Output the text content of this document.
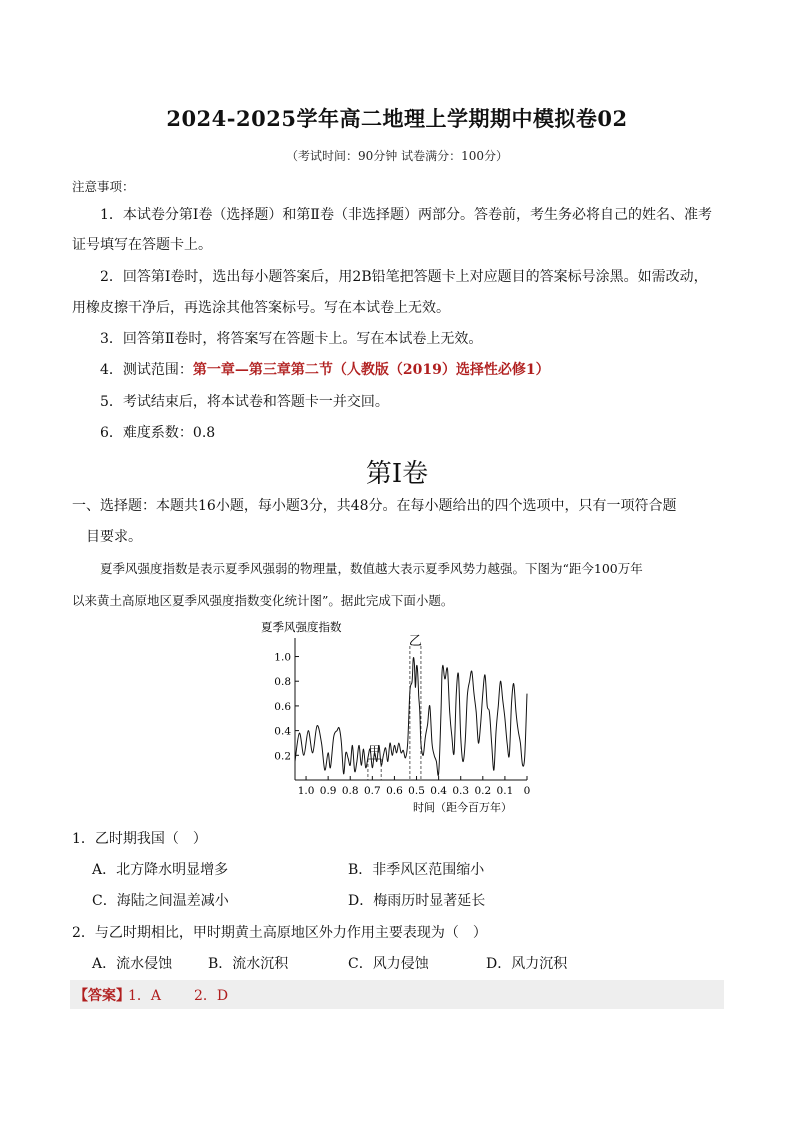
2024-2025学年高二地理上学期期中模拟卷02
（考试时间：90分钟 试卷满分：100分）
注意事项：
1．本试卷分第Ⅰ卷（选择题）和第Ⅱ卷（非选择题）两部分。答卷前，考生务必将自己的姓名、准考
证号填写在答题卡上。
2．回答第Ⅰ卷时，选出每小题答案后，用2B铅笔把答题卡上对应题目的答案标号涂黑。如需改动，
用橡皮擦干净后，再选涂其他答案标号。写在本试卷上无效。
3．回答第Ⅱ卷时，将答案写在答题卡上。写在本试卷上无效。
4．测试范围：第一章—第三章第二节（人教版（2019）选择性必修1）
5．考试结束后，将本试卷和答题卡一并交回。
6．难度系数：0.8
第Ⅰ卷
一、选择题：本题共16小题，每小题3分，共48分。在每小题给出的四个选项中，只有一项符合题
目要求。
夏季风强度指数是表示夏季风强弱的物理量，数值越大表示夏季风势力越强。下图为“距今100万年
以来黄土高原地区夏季风强度指数变化统计图”。据此完成下面小题。
夏季风强度指数
0.2
0.4
0.6
0.8
1.0
1.0 0.9 0.8 0.7 0.6 0.5 0.4 0.3 0.2 0.1 0
甲
乙
时间（距今百万年）
1．乙时期我国（　）
A．北方降水明显增多	B．非季风区范围缩小
C．海陆之间温差减小	D．梅雨历时显著延长
2．与乙时期相比，甲时期黄土高原地区外力作用主要表现为（　）
A．流水侵蚀	B．流水沉积	C．风力侵蚀	D．风力沉积
【答案】
1．A 2．D
